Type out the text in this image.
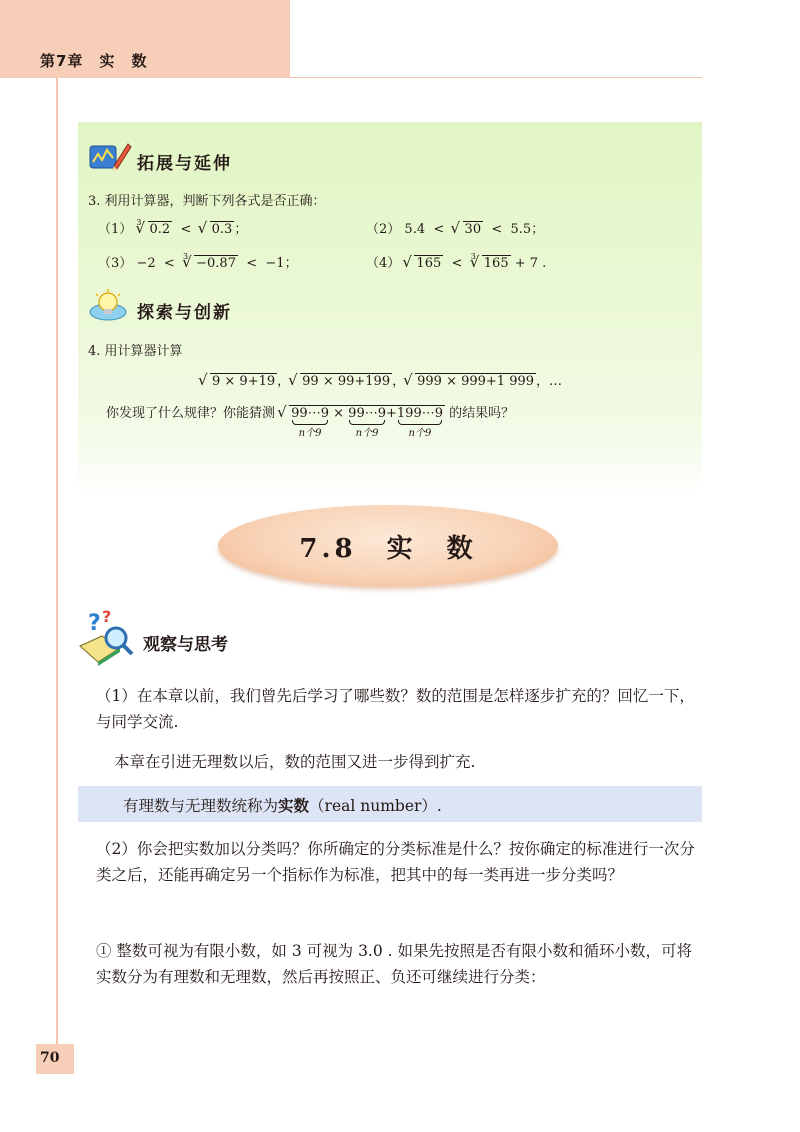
第7章　实　数
拓展与延伸
3. 利用计算器，判断下列各式是否正确：
（1） $^3$ √ 0.2 < √ 0.3 ；	（2） 5.4 < √ 30 < 5.5；
（3） −2 < $^3$ √ −0.87 < −1；	（4） √ 165 < $^3$ √ 165 + 7 .
探索与创新
4. 用计算器计算
√ 9 × 9+19 ， √ 99 × 99+199 ， √ 999 × 999+1 999 ，…
你发现了什么规律？你能猜测 √ 99⋯9
n个9
× 99⋯9
n个9
+199⋯9
n个9
的结果吗？
7.8　实　数
? ?
观察与思考
（1）在本章以前，我们曾先后学习了哪些数？数的范围是怎样逐步扩充的？回忆一下，与同学交流.
本章在引进无理数以后，数的范围又进一步得到扩充.
有理数与无理数统称为实数（real number）.
（2）你会把实数加以分类吗？你所确定的分类标准是什么？按你确定的标准进行一次分类之后，还能再确定另一个指标作为标准，把其中的每一类再进一步分类吗？
① 整数可视为有限小数，如 3 可视为 3.0 . 如果先按照是否有限小数和循环小数，可将实数分为有理数和无理数，然后再按照正、负还可继续进行分类：
70
